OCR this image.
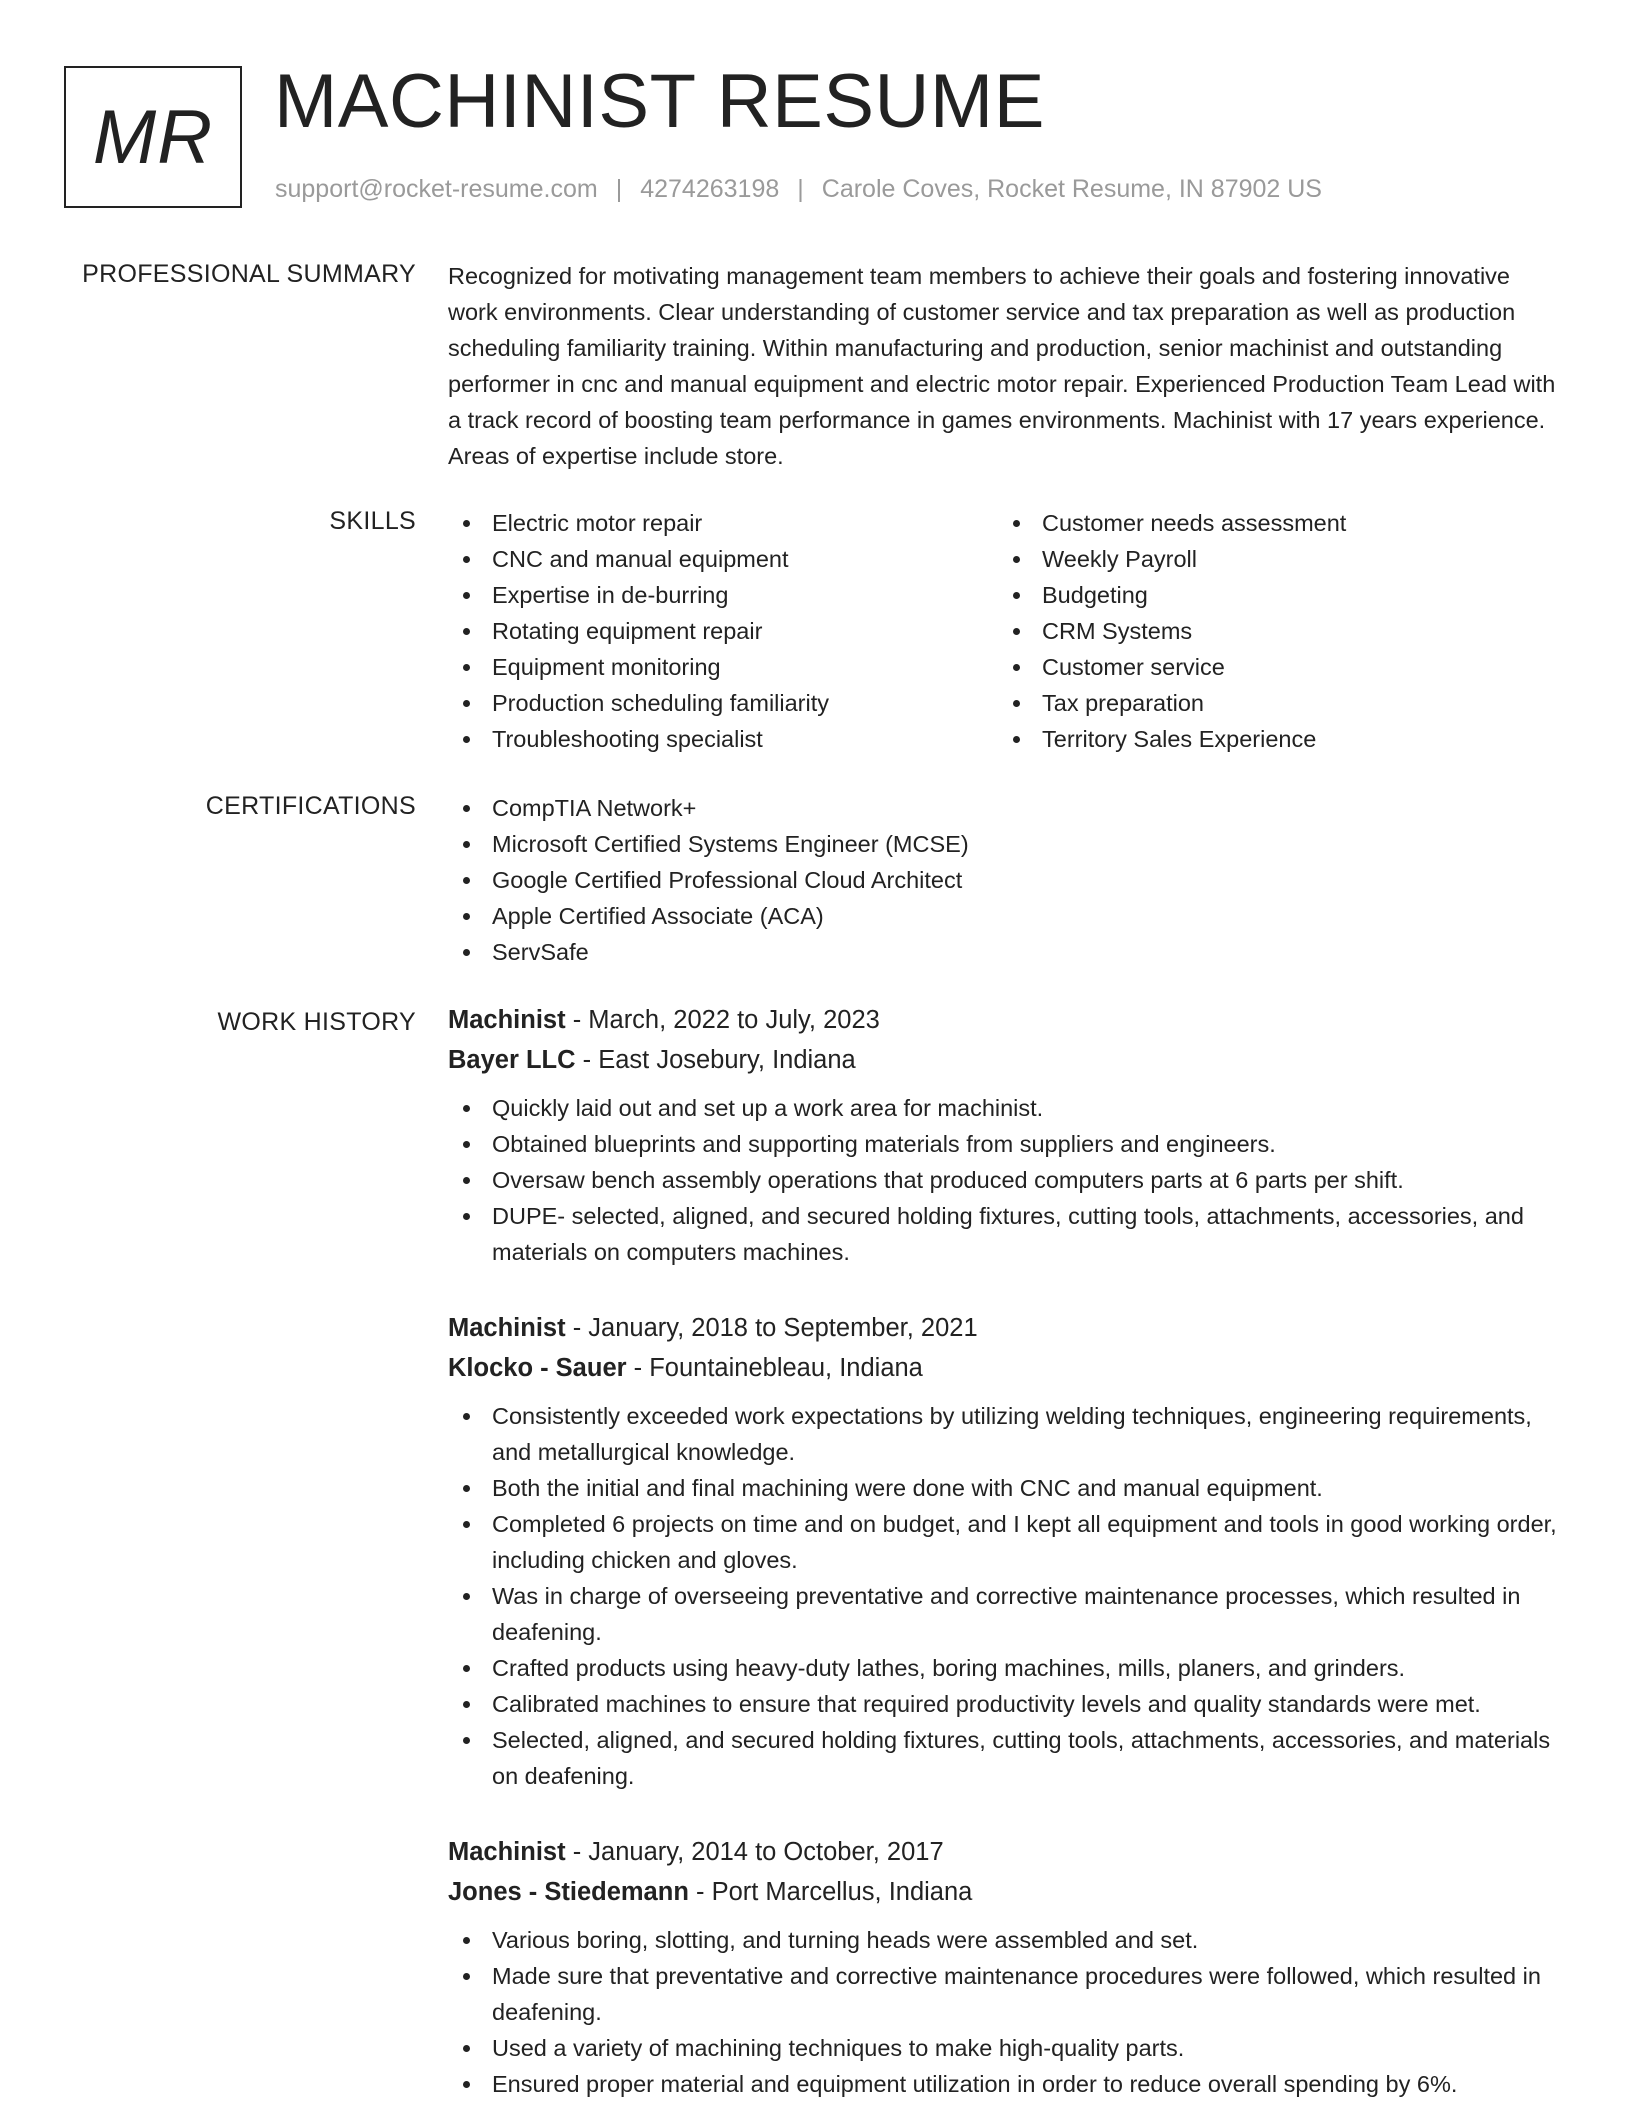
MR MACHINIST RESUME
support@rocket-resume.com | 4274263198 | Carole Coves, Rocket Resume, IN 87902 US
PROFESSIONAL SUMMARY Recognized for motivating management team members to achieve their goals and fostering innovative work environments. Clear understanding of customer service and tax preparation as well as production scheduling familiarity training. Within manufacturing and production, senior machinist and outstanding performer in cnc and manual equipment and electric motor repair. Experienced Production Team Lead with a track record of boosting team performance in games environments. Machinist with 17 years experience. Areas of expertise include store.

SKILLS	Electric motor repair
CNC and manual equipment
Expertise in de-burring
Rotating equipment repair
Equipment monitoring
Production scheduling familiarity
Troubleshooting specialist
Customer needs assessment
Weekly Payroll
Budgeting
CRM Systems
Customer service
Tax preparation
Territory Sales Experience
CERTIFICATIONS	CompTIA Network+
Microsoft Certified Systems Engineer (MCSE)
Google Certified Professional Cloud Architect
Apple Certified Associate (ACA)
ServSafe
WORK HISTORY Machinist - March, 2022 to July, 2023
Bayer LLC - East Josebury, Indiana
Quickly laid out and set up a work area for machinist.
Obtained blueprints and supporting materials from suppliers and engineers.
Oversaw bench assembly operations that produced computers parts at 6 parts per shift.
DUPE- selected, aligned, and secured holding fixtures, cutting tools, attachments, accessories, and materials on computers machines.
Machinist - January, 2018 to September, 2021
Klocko - Sauer - Fountainebleau, Indiana
Consistently exceeded work expectations by utilizing welding techniques, engineering requirements, and metallurgical knowledge.
Both the initial and final machining were done with CNC and manual equipment.
Completed 6 projects on time and on budget, and I kept all equipment and tools in good working order, including chicken and gloves.
Was in charge of overseeing preventative and corrective maintenance processes, which resulted in deafening.
Crafted products using heavy-duty lathes, boring machines, mills, planers, and grinders.
Calibrated machines to ensure that required productivity levels and quality standards were met.
Selected, aligned, and secured holding fixtures, cutting tools, attachments, accessories, and materials on deafening.
Machinist - January, 2014 to October, 2017
Jones - Stiedemann - Port Marcellus, Indiana
Various boring, slotting, and turning heads were assembled and set.
Made sure that preventative and corrective maintenance procedures were followed, which resulted in deafening.
Used a variety of machining techniques to make high-quality parts.
Ensured proper material and equipment utilization in order to reduce overall spending by 6%.
